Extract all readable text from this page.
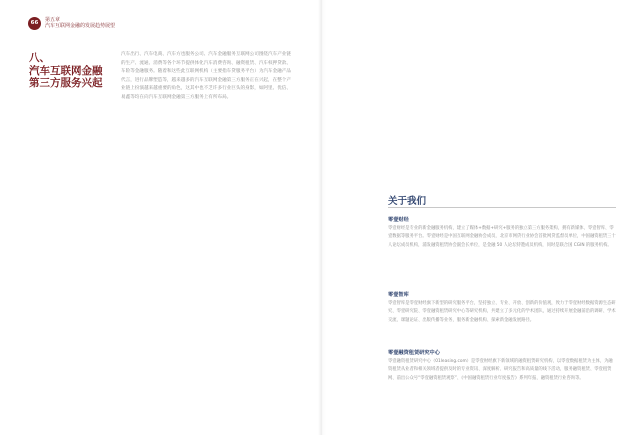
66	第五章
汽车互联网金融的发展趋势展望
八、
汽车互联网金融
第三方服务兴起

汽车出行、汽车电商、汽车方也服务公司、汽车金融服务互联网公司围绕汽车产业链的生产、流通、消费等各个环节提供体化汽车消费咨询、融资租赁、汽车权押贷款、车险等金融服务。随着和这些此互联网机构（主要指车贷服务平台）为汽车金融产品代言，进行品牌塑造等，越来越多的汽车互联网金融第三方服务正在兴起，在整个产业链上扮演越来越重要的角色，这其中也不乏许多行业巨头的身影，如阿里、优信、易鑫等均在向汽车互联网金融第三方服务上有所布局。

关于我们
零壹财经

零壹财经是专业的新金融服务机构，建立了媒体+数据+研究+服务的独立第三方服务架构，拥有新媒体、零壹智库、零壹数据等服务平台。零壹财经是中国互联网金融协会成员，北京市网贷行业协会首批网贷监督员单位，中国融资租赁三十人论坛成员机构，浦发融资租赁协会副会长单位，是金融 50 人论坛特邀成员机构，同时是联合国 CGIN 的服务机构。

零壹智库

零壹智库是零壹财经旗下新型的研究服务平台，坚持独立、专业、开放、创新的价值观，致力于零壹财经数据资源生态研究、零壹研究院、零壹融资租赁研究中心等研究机构，共建立了多元化的学术团队，通过持续开展金融前沿的调研、学术交流、课题论证、出版传播等业务，服务新金融机构、探索新金融发展路径。

零壹融资租赁研究中心

零壹融资租赁研究中心（01leasing.com）是零壹财经旗下新领域的融资租赁研究机构，以零壹数据租赁为主体，为融资租赁从业者和相关领域者提供及时的专业资讯、深度解析、研究报告和高质量的线下活动，服务融资租赁、零壹租赁网、前出公众号“零壹融资租赁观察”、《中国融资租赁行业年度报告》系列年报、融资租赁行业咨询等。
